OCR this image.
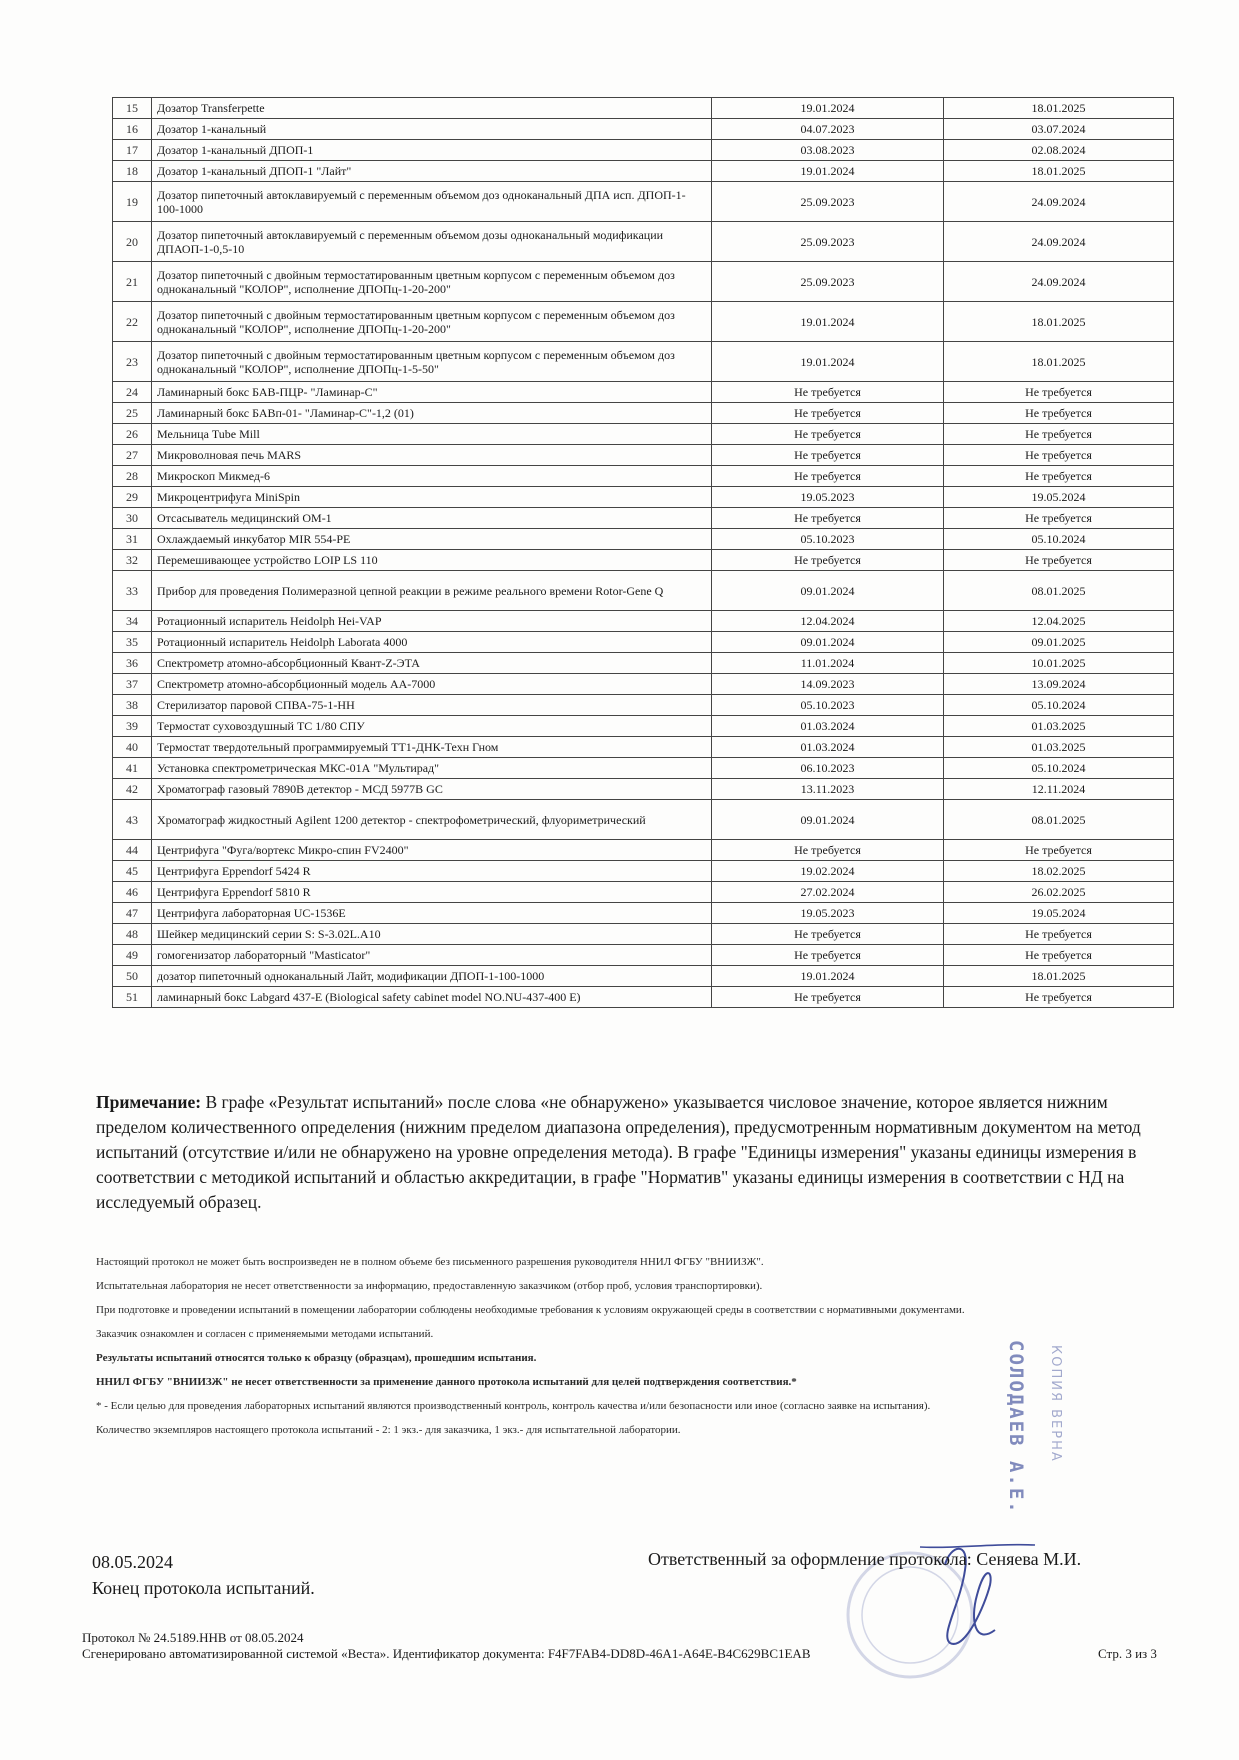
15	Дозатор Transferpette	19.01.2024	18.01.2025
16	Дозатор 1-канальный	04.07.2023	03.07.2024
17	Дозатор 1-канальный ДПОП-1	03.08.2023	02.08.2024
18	Дозатор 1-канальный ДПОП-1 "Лайт"	19.01.2024	18.01.2025
19	Дозатор пипеточный автоклавируемый с переменным объемом доз одноканальный ДПА исп. ДПОП-1-100-1000	25.09.2023	24.09.2024
20	Дозатор пипеточный автоклавируемый с переменным объемом дозы одноканальный модификации ДПАОП-1-0,5-10	25.09.2023	24.09.2024
21	Дозатор пипеточный с двойным термостатированным цветным корпусом с переменным объемом доз одноканальный "КОЛОР", исполнение ДПОПц-1-20-200"	25.09.2023	24.09.2024
22	Дозатор пипеточный с двойным термостатированным цветным корпусом с переменным объемом доз одноканальный "КОЛОР", исполнение ДПОПц-1-20-200"	19.01.2024	18.01.2025
23	Дозатор пипеточный с двойным термостатированным цветным корпусом с переменным объемом доз одноканальный "КОЛОР", исполнение ДПОПц-1-5-50"	19.01.2024	18.01.2025
24	Ламинарный бокс БАВ-ПЦР- "Ламинар-С"	Не требуется	Не требуется
25	Ламинарный бокс БАВп-01- "Ламинар-С"-1,2 (01)	Не требуется	Не требуется
26	Мельница Tube Mill	Не требуется	Не требуется
27	Микроволновая печь MARS	Не требуется	Не требуется
28	Микроскоп Микмед-6	Не требуется	Не требуется
29	Микроцентрифуга MiniSpin	19.05.2023	19.05.2024
30	Отсасыватель медицинский ОМ-1	Не требуется	Не требуется
31	Охлаждаемый инкубатор MIR 554-PE	05.10.2023	05.10.2024
32	Перемешивающее устройство LOIP LS 110	Не требуется	Не требуется
33	Прибор для проведения Полимеразной цепной реакции в режиме реального времени Rotor-Gene Q	09.01.2024	08.01.2025
34	Ротационный испаритель Heidolph Hei-VAP	12.04.2024	12.04.2025
35	Ротационный испаритель Heidolph Laborata 4000	09.01.2024	09.01.2025
36	Спектрометр атомно-абсорбционный Квант-Z-ЭТА	11.01.2024	10.01.2025
37	Спектрометр атомно-абсорбционный модель АА-7000	14.09.2023	13.09.2024
38	Стерилизатор паровой СПВА-75-1-НН	05.10.2023	05.10.2024
39	Термостат суховоздушный ТС 1/80 СПУ	01.03.2024	01.03.2025
40	Термостат твердотельный программируемый ТТ1-ДНК-Техн Гном	01.03.2024	01.03.2025
41	Установка спектрометрическая МКС-01А "Мультирад"	06.10.2023	05.10.2024
42	Хроматограф газовый 7890В детектор - МСД 5977В GC	13.11.2023	12.11.2024
43	Хроматограф жидкостный Agilent 1200 детектор - спектрофометрический, флуориметрический	09.01.2024	08.01.2025
44	Центрифуга "Фуга/вортекс Микро-спин FV2400"	Не требуется	Не требуется
45	Центрифуга Eppendorf 5424 R	19.02.2024	18.02.2025
46	Центрифуга Eppendorf 5810 R	27.02.2024	26.02.2025
47	Центрифуга лабораторная UC-1536E	19.05.2023	19.05.2024
48	Шейкер медицинский серии S: S-3.02L.A10	Не требуется	Не требуется
49	гомогенизатор лабораторный "Masticator"	Не требуется	Не требуется
50	дозатор пипеточный одноканальный Лайт, модификации ДПОП-1-100-1000	19.01.2024	18.01.2025
51	ламинарный бокс Labgard 437-E (Biological safety cabinet model NO.NU-437-400 E)	Не требуется	Не требуется
Примечание: В графе «Результат испытаний» после слова «не обнаружено» указывается числовое значение, которое является нижним пределом количественного определения (нижним пределом диапазона определения), предусмотренным нормативным документом на метод испытаний (отсутствие и/или не обнаружено на уровне определения метода). В графе "Единицы измерения" указаны единицы измерения в соответствии с методикой испытаний и областью аккредитации, в графе "Норматив" указаны единицы измерения в соответствии с НД на исследуемый образец.

Настоящий протокол не может быть воспроизведен не в полном объеме без письменного разрешения руководителя ННИЛ ФГБУ "ВНИИЗЖ".

Испытательная лаборатория не несет ответственности за информацию, предоставленную заказчиком (отбор проб, условия транспортировки).

При подготовке и проведении испытаний в помещении лаборатории соблюдены необходимые требования к условиям окружающей среды в соответствии с нормативными документами.

Заказчик ознакомлен и согласен с применяемыми методами испытаний.

Результаты испытаний относятся только к образцу (образцам), прошедшим испытания.

ННИЛ ФГБУ "ВНИИЗЖ" не несет ответственности за применение данного протокола испытаний для целей подтверждения соответствия.*

* - Если целью для проведения лабораторных испытаний являются производственный контроль, контроль качества и/или безопасности или иное (согласно заявке на испытания).

Количество экземпляров настоящего протокола испытаний - 2: 1 экз.- для заказчика, 1 экз.- для испытательной лаборатории.	СОЛОДАЕВ А.Е. КОПИЯ ВЕРНА
08.05.2024
Конец протокола испытаний.
Ответственный за оформление протокола: Сеняева М.И.
Протокол № 24.5189.ННВ от 08.05.2024
Сгенерировано автоматизированной системой «Веста». Идентификатор документа: F4F7FAB4-DD8D-46A1-A64E-B4C629BC1EAB	Стр. 3 из 3
